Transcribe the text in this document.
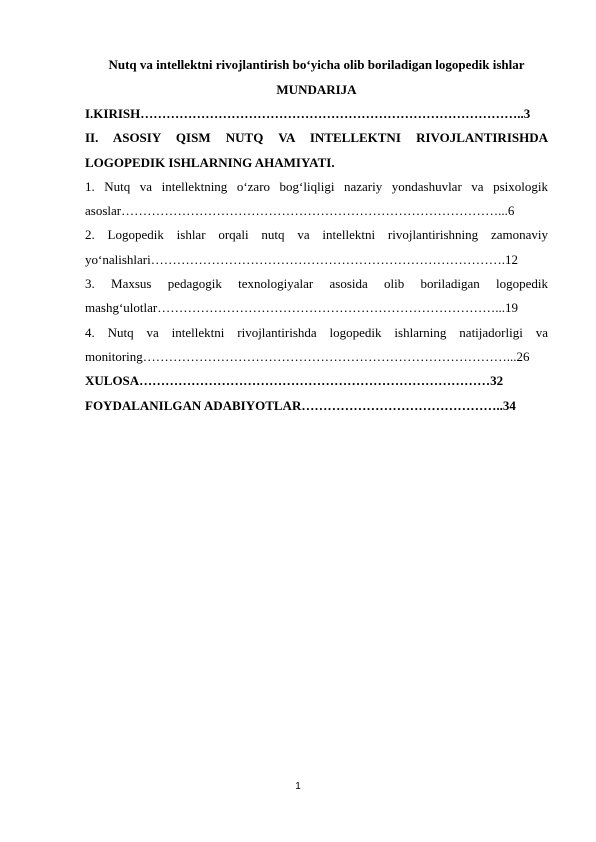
Nutq va intellektni rivojlantirish bo‘yicha olib boriladigan logopedik ishlar
MUNDARIJA
I.KIRISH……………………………………………………………………………..3
II. ASOSIY QISM NUTQ VA INTELLEKTNI RIVOJLANTIRISHDA
LOGOPEDIK ISHLARNING AHAMIYATI.
1. Nutq va intellektning o‘zaro bog‘liqligi nazariy yondashuvlar va psixologik
asoslar……………………………………………………………………………...6
2. Logopedik ishlar orqali nutq va intellektni rivojlantirishning zamonaviy
yo‘nalishlari……………………………………………………………………….12
3. Maxsus pedagogik texnologiyalar asosida olib boriladigan logopedik
mashg‘ulotlar……………………………………………………………………...19
4. Nutq va intellektni rivojlantirishda logopedik ishlarning natijadorligi va
monitoring…………………………………………………………………………...26
XULOSA………………………………………………………………………32
FOYDALANILGAN ADABIYOTLAR………………………………………..34
1
